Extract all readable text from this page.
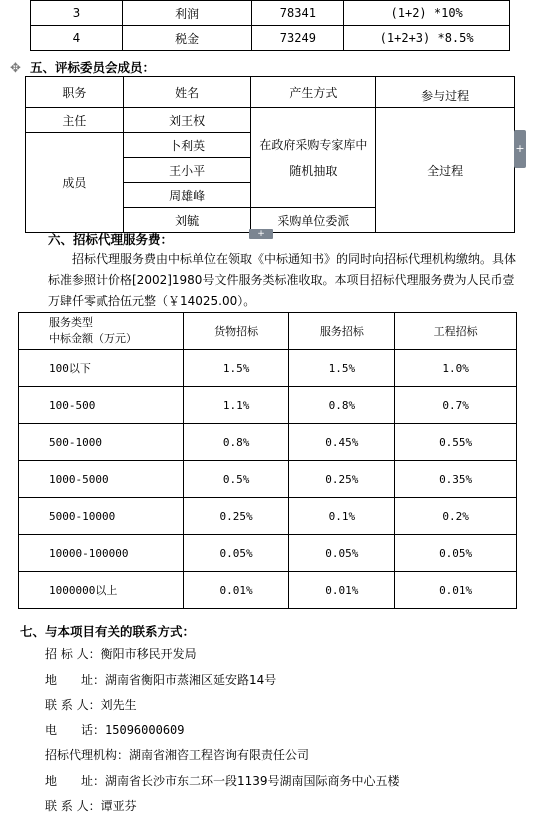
3	利润	78341	(1+2) *10%
4	税金	73249	(1+2+3) *8.5%
✥ 五、评标委员会成员：
职务	姓名	产生方式	参与过程
主任	刘王权	在政府采购专家库中随机抽取	全过程
成员	卜利英		
	王小平		
	周雄峰		
	刘毓	采购单位委派	
+
+
六、招标代理服务费：
招标代理服务费由中标单位在领取《中标通知书》的同时向招标代理机构缴纳。具体标准参照计价格[2002]1980号文件服务类标准收取。本项目招标代理服务费为人民币壹万肆仟零贰拾伍元整（￥14025.00）。
服务类型
中标金额（万元）	货物招标	服务招标	工程招标
100以下	1.5%	1.5%	1.0%
100-500	1.1%	0.8%	0.7%
500-1000	0.8%	0.45%	0.55%
1000-5000	0.5%	0.25%	0.35%
5000-10000	0.25%	0.1%	0.2%
10000-100000	0.05%	0.05%	0.05%
1000000以上	0.01%	0.01%	0.01%
七、与本项目有关的联系方式：
招 标 人：衡阳市移民开发局
地　　址：湖南省衡阳市蒸湘区延安路14号
联 系 人：刘先生
电　　话：15096000609
招标代理机构：湖南省湘咨工程咨询有限责任公司
地　　址：湖南省长沙市东二环一段1139号湖南国际商务中心五楼
联 系 人：谭亚芬
